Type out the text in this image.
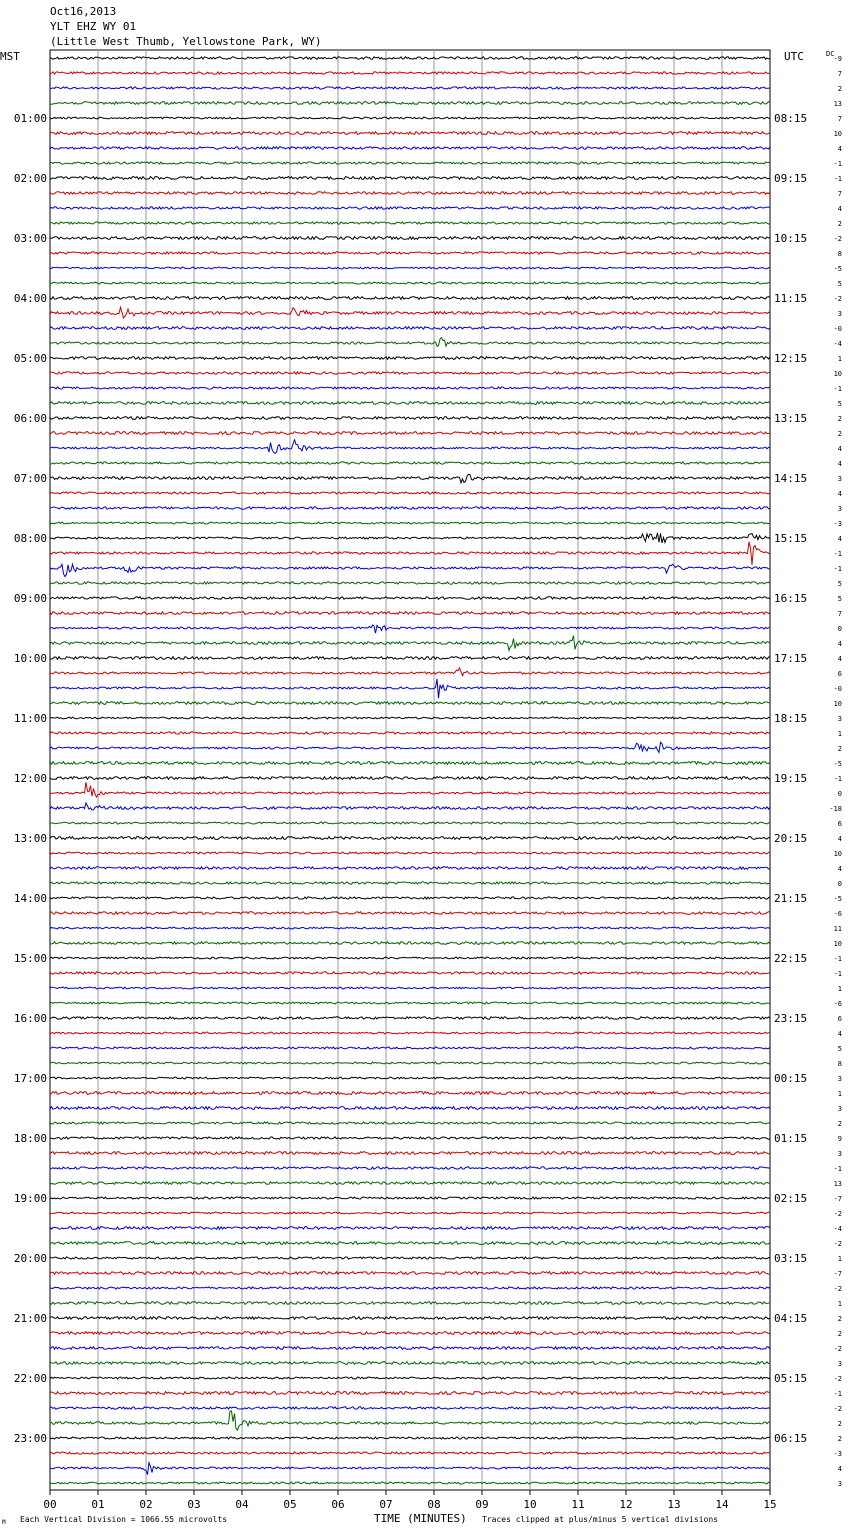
Oct16,2013
YLT EHZ WY 01
(Little West Thumb, Yellowstone Park, WY)
-9
7
2
13
7
10
4
-1
-1
7
4
2
-2
8
-5
5
-2
3
-0
-4
1
10
-1
5
2
2
4
4
3
4
3
-3
4
-1
-1
5
5
7
0
4
4
6
-0
10
3
1
2
-5
-1
0
-18
6
4
10
4
0
-5
-6
11
10
-1
-1
1
-6
6
4
5
8
3
1
3
2
9
3
-1
13
-7
-2
-4
-2
1
-7
-2
1
2
2
-2
3
-2
-1
-2
2
2
-3
4
3
01:00
02:00
03:00
04:00
05:00
06:00
07:00
08:00
09:00
10:00
11:00
12:00
13:00
14:00
15:00
16:00
17:00
18:00
19:00
20:00
21:00
22:00
23:00
08:15
09:15
10:15
11:15
12:15
13:15
14:15
15:15
16:15
17:15
18:15
19:15
20:15
21:15
22:15
23:15
00:15
01:15
02:15
03:15
04:15
05:15
06:15
MST	UTC	DC
00	01	02	03	04	05	06	07	08	09	10	11	12	13	14	15
M Each Vertical Division = 1066.55 microvolts	TIME (MINUTES) Traces clipped at plus/minus 5 vertical divisions
